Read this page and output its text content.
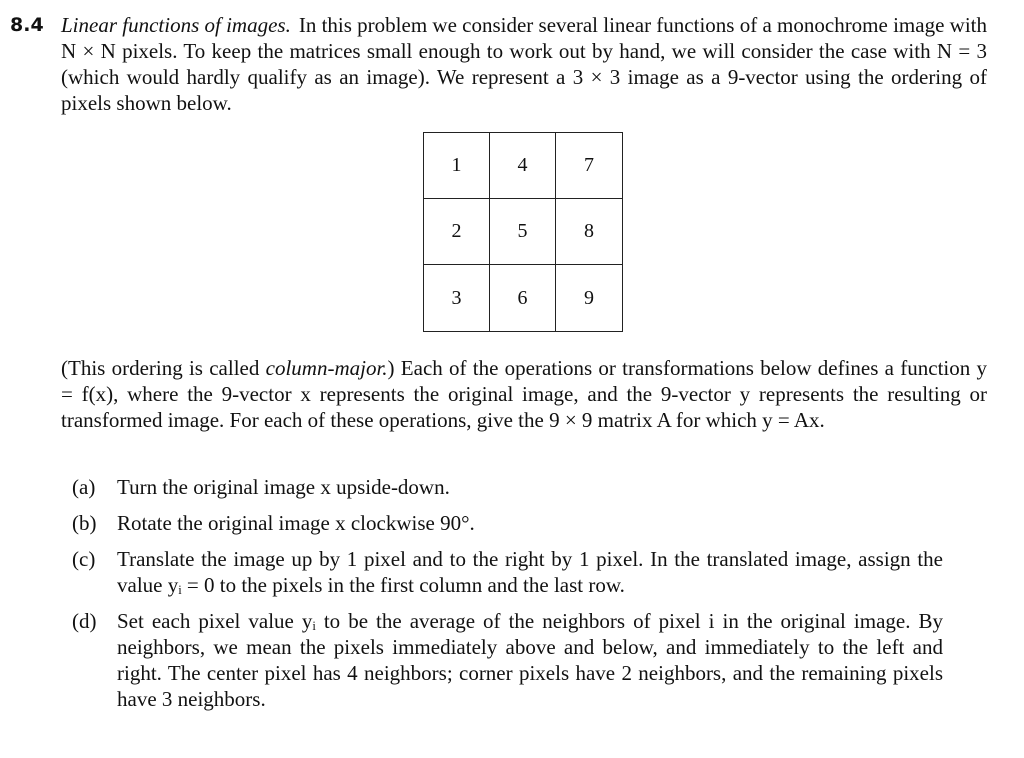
8.4 Linear functions of images. In this problem we consider several linear functions of a monochrome image with N × N pixels. To keep the matrices small enough to work out by hand, we will consider the case with N = 3 (which would hardly qualify as an image). We represent a 3 × 3 image as a 9-vector using the ordering of pixels shown below.
1	4	7
2	5	8
3	6	9
(This ordering is called column-major.) Each of the operations or transformations below defines a function y = f(x), where the 9-vector x represents the original image, and the 9-vector y represents the resulting or transformed image. For each of these operations, give the 9 × 9 matrix A for which y = Ax.
(a)	Turn the original image x upside-down.
(b) Rotate the original image x clockwise 90°.
(c)	Translate the image up by 1 pixel and to the right by 1 pixel. In the translated image, assign the value yᵢ = 0 to the pixels in the first column and the last row.
(d) Set each pixel value yᵢ to be the average of the neighbors of pixel i in the original image. By neighbors, we mean the pixels immediately above and below, and immediately to the left and right. The center pixel has 4 neighbors; corner pixels have 2 neighbors, and the remaining pixels have 3 neighbors.
